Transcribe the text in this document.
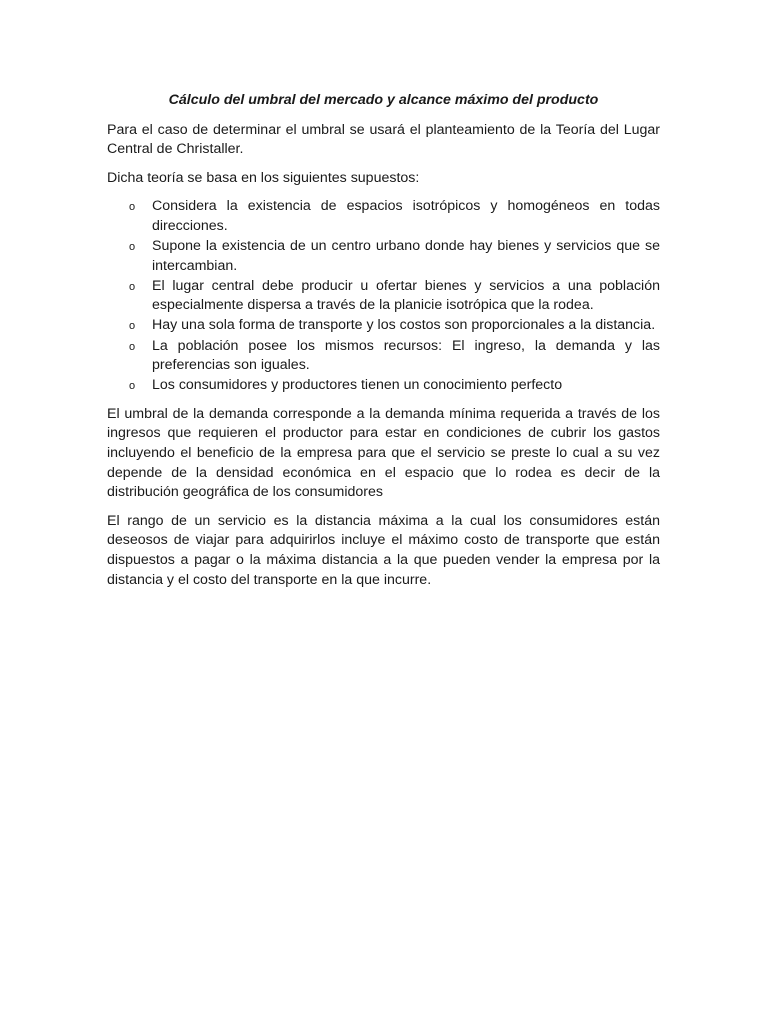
Cálculo del umbral del mercado y alcance máximo del producto

Para el caso de determinar el umbral se usará el planteamiento de la Teoría del Lugar Central de Christaller.

Dicha teoría se basa en los siguientes supuestos:

o Considera la existencia de espacios isotrópicos y homogéneos en todas direcciones.
o Supone la existencia de un centro urbano donde hay bienes y servicios que se intercambian.
o El lugar central debe producir u ofertar bienes y servicios a una población especialmente dispersa a través de la planicie isotrópica que la rodea.
o Hay una sola forma de transporte y los costos son proporcionales a la distancia.
o La población posee los mismos recursos: El ingreso, la demanda y las preferencias son iguales.
o Los consumidores y productores tienen un conocimiento perfecto

El umbral de la demanda corresponde a la demanda mínima requerida a través de los ingresos que requieren el productor para estar en condiciones de cubrir los gastos incluyendo el beneficio de la empresa para que el servicio se preste lo cual a su vez depende de la densidad económica en el espacio que lo rodea es decir de la distribución geográfica de los consumidores

El rango de un servicio es la distancia máxima a la cual los consumidores están deseosos de viajar para adquirirlos incluye el máximo costo de transporte que están dispuestos a pagar o la máxima distancia a la que pueden vender la empresa por la distancia y el costo del transporte en la que incurre.
